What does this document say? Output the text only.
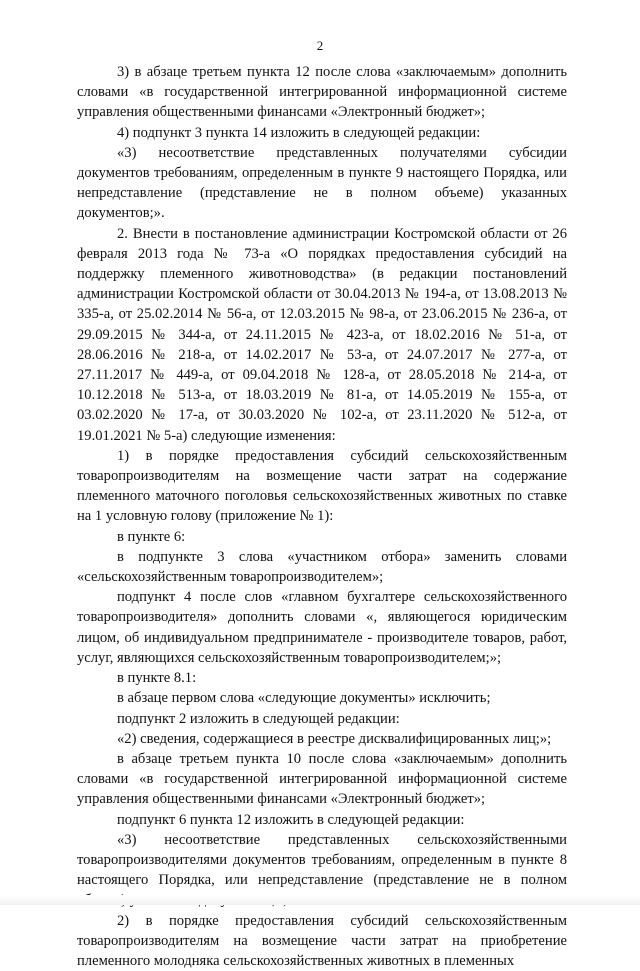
2

3) в абзаце третьем пункта 12 после слова «заключаемым» дополнить словами «в государственной интегрированной информационной системе управления общественными финансами «Электронный бюджет»;

4) подпункт 3 пункта 14 изложить в следующей редакции:

«3) несоответствие представленных получателями субсидии документов требованиям, определенным в пункте 9 настоящего Порядка, или непредставление (представление не в полном объеме) указанных документов;».

2. Внести в постановление администрации Костромской области от 26 февраля 2013 года № 73-а «О порядках предоставления субсидий на поддержку племенного животноводства» (в редакции постановлений администрации Костромской области от 30.04.2013 № 194-а, от 13.08.2013 № 335-а, от 25.02.2014 № 56-а, от 12.03.2015 № 98-а, от 23.06.2015 № 236-а, от 29.09.2015 № 344-а, от 24.11.2015 № 423-а, от 18.02.2016 № 51-а, от 28.06.2016 № 218-а, от 14.02.2017 № 53-а, от 24.07.2017 № 277-а, от 27.11.2017 № 449-а, от 09.04.2018 № 128-а, от 28.05.2018 № 214-а, от 10.12.2018 № 513-а, от 18.03.2019 № 81-а, от 14.05.2019 № 155-а, от 03.02.2020 № 17-а, от 30.03.2020 № 102-а, от 23.11.2020 № 512-а, от 19.01.2021 № 5-а) следующие изменения:

1) в порядке предоставления субсидий сельскохозяйственным товаропроизводителям на возмещение части затрат на содержание племенного маточного поголовья сельскохозяйственных животных по ставке на 1 условную голову (приложение № 1):

в пункте 6:

в подпункте 3 слова «участником отбора» заменить словами «сельскохозяйственным товаропроизводителем»;

подпункт 4 после слов «главном бухгалтере сельскохозяйственного товаропроизводителя» дополнить словами «, являющегося юридическим лицом, об индивидуальном предпринимателе - производителе товаров, работ, услуг, являющихся сельскохозяйственным товаропроизводителем;»;

в пункте 8.1:

в абзаце первом слова «следующие документы» исключить;

подпункт 2 изложить в следующей редакции:

«2) сведения, содержащиеся в реестре дисквалифицированных лиц;»;

в абзаце третьем пункта 10 после слова «заключаемым» дополнить словами «в государственной интегрированной информационной системе управления общественными финансами «Электронный бюджет»;

подпункт 6 пункта 12 изложить в следующей редакции:

«3) несоответствие представленных сельскохозяйственными товаропроизводителями документов требованиям, определенным в пункте 8 настоящего Порядка, или непредставление (представление не в полном

2) в порядке предоставления субсидий сельскохозяйственным товаропроизводителям на возмещение части затрат на приобретение племенного молодняка сельскохозяйственных животных в племенных
